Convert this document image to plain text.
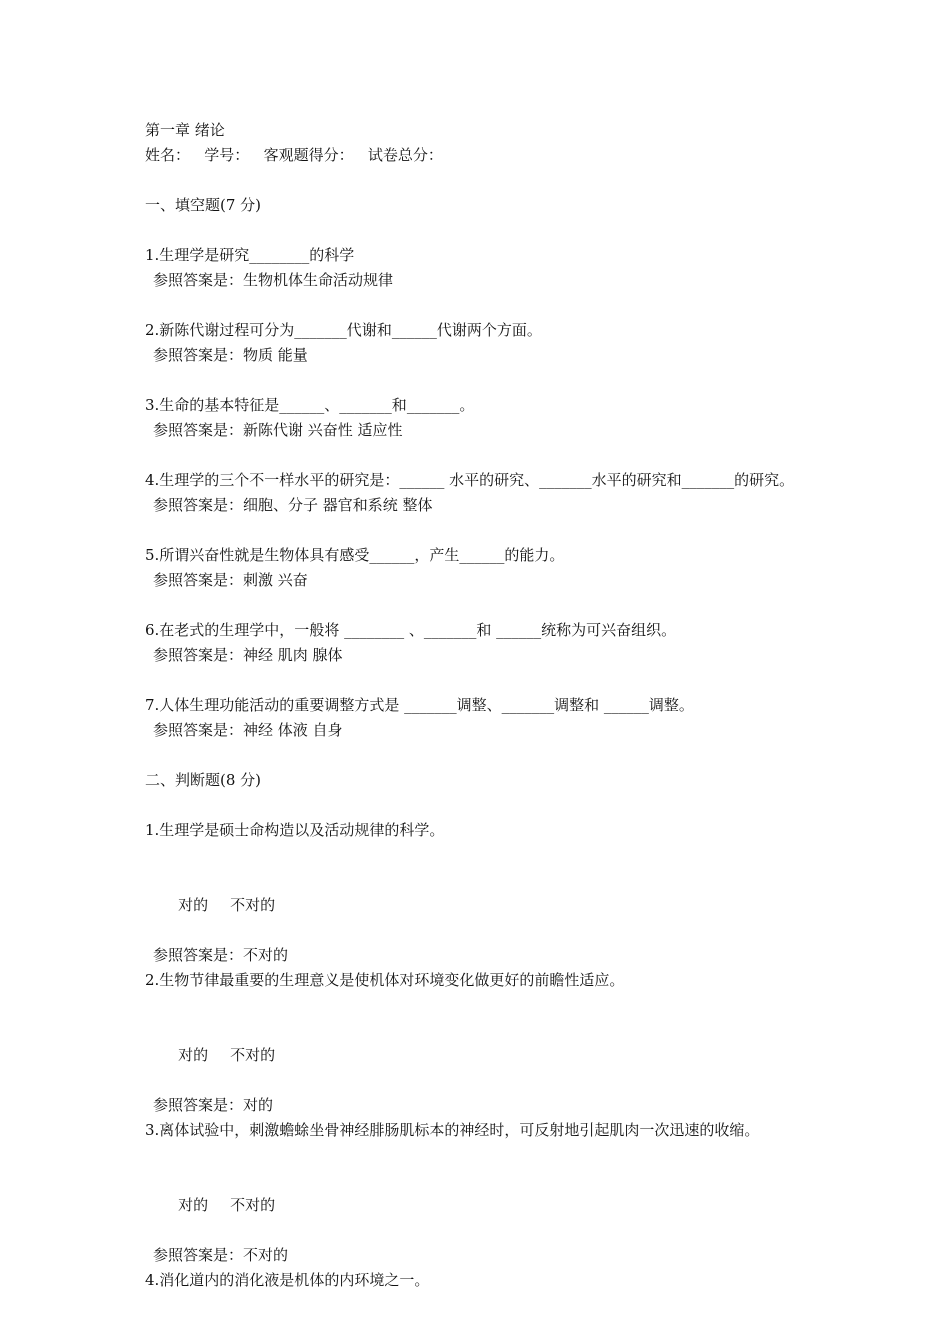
第一章 绪论
姓名：   学号：   客观题得分：   试卷总分：
一、填空题(7 分)
1.生理学是研究________的科学
参照答案是：生物机体生命活动规律
2.新陈代谢过程可分为_______代谢和______代谢两个方面。
参照答案是：物质 能量
3.生命的基本特征是______、_______和_______。
参照答案是：新陈代谢 兴奋性 适应性
4.生理学的三个不一样水平的研究是：______ 水平的研究、_______水平的研究和_______的研究。
参照答案是：细胞、分子 器官和系统 整体
5.所谓兴奋性就是生物体具有感受______，产生______的能力。
参照答案是：刺激 兴奋
6.在老式的生理学中，一般将 ________ 、_______和 ______统称为可兴奋组织。
参照答案是：神经 肌肉 腺体
7.人体生理功能活动的重要调整方式是 _______调整、_______调整和 ______调整。
参照答案是：神经 体液 自身
二、判断题(8 分)
1.生理学是硕士命构造以及活动规律的科学。

对的 不对的

参照答案是：不对的
2.生物节律最重要的生理意义是使机体对环境变化做更好的前瞻性适应。

对的 不对的

参照答案是：对的
3.离体试验中，刺激蟾蜍坐骨神经腓肠肌标本的神经时，可反射地引起肌肉一次迅速的收缩。

对的 不对的

参照答案是：不对的
4.消化道内的消化液是机体的内环境之一。
